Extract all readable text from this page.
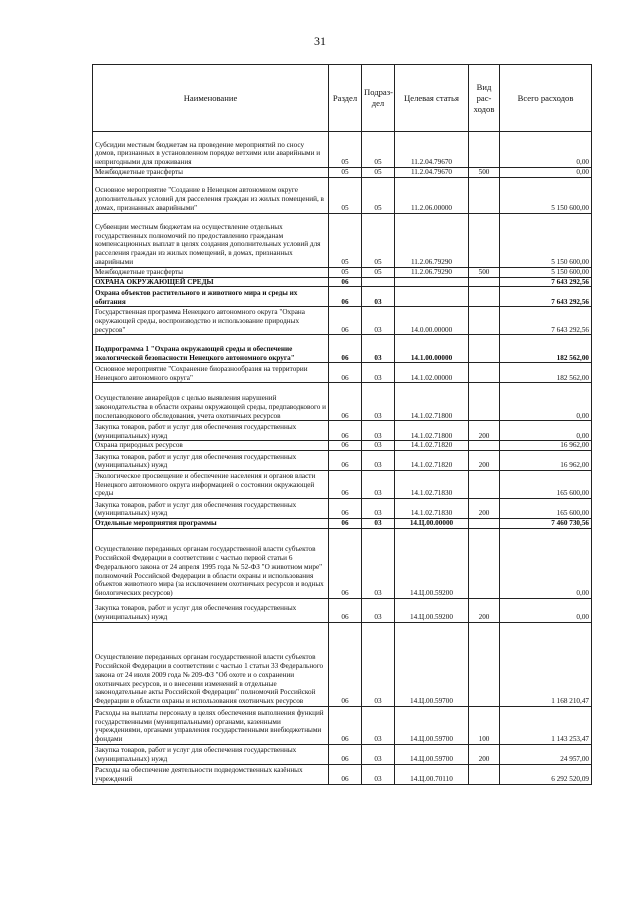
31
Наименование	Раздел	Подраз-дел	Целевая статья	Вид рас-ходов	Всего расходов
Субсидии местным бюджетам на проведение мероприятий по сносу домов, признанных в установленном порядке ветхими или аварийными и непригодными для проживания	05	05	11.2.04.79670		0,00
Межбюджетные трансферты	05	05	11.2.04.79670	500	0,00
Основное мероприятие "Создание в Ненецком автономном округе дополнительных условий для расселения граждан из жилых помещений, в домах, признанных аварийными"	05	05	11.2.06.00000		5 150 600,00
Субвенции местным бюджетам на осуществление отдельных государственных полномочий по предоставлению гражданам компенсационных выплат в целях создания дополнительных условий для расселения граждан из жилых помещений, в домах, признанных аварийными	05	05	11.2.06.79290		5 150 600,00
Межбюджетные трансферты	05	05	11.2.06.79290	500	5 150 600,00
ОХРАНА ОКРУЖАЮЩЕЙ СРЕДЫ	06				7 643 292,56
Охрана объектов растительного и животного мира и среды их обитания	06	03			7 643 292,56
Государственная программа Ненецкого автономного округа "Охрана окружающей среды, воспроизводство и использование природных ресурсов"	06	03	14.0.00.00000		7 643 292,56
Подпрограмма 1 "Охрана окружающей среды и обеспечение экологической безопасности Ненецкого автономного округа"	06	03	14.1.00.00000		182 562,00
Основное мероприятие "Сохранение биоразнообразия на территории Ненецкого автономного округа"	06	03	14.1.02.00000		182 562,00
Осуществление авиарейдов с целью выявления нарушений законодательства в области охраны окружающей среды, предпаводкового и послепаводкового обследования, учета охотничьих ресурсов	06	03	14.1.02.71800		0,00
Закупка товаров, работ и услуг для обеспечения государственных (муниципальных) нужд	06	03	14.1.02.71800	200	0,00
Охрана природных ресурсов	06	03	14.1.02.71820		16 962,00
Закупка товаров, работ и услуг для обеспечения государственных (муниципальных) нужд	06	03	14.1.02.71820	200	16 962,00
Экологическое просвещение и обеспечение населения и органов власти Ненецкого автономного округа информацией о состоянии окружающей среды	06	03	14.1.02.71830		165 600,00
Закупка товаров, работ и услуг для обеспечения государственных (муниципальных) нужд	06	03	14.1.02.71830	200	165 600,00
Отдельные мероприятия программы	06	03	14.Ц.00.00000		7 460 730,56
Осуществление переданных органам государственной власти субъектов Российской Федерации в соответствии с частью первой статьи 6 Федерального закона от 24 апреля 1995 года № 52-ФЗ "О животном мире" полномочий Российской Федерации в области охраны и использования объектов животного мира (за исключением охотничьих ресурсов и водных биологических ресурсов)	06	03	14.Ц.00.59200		0,00
Закупка товаров, работ и услуг для обеспечения государственных (муниципальных) нужд	06	03	14.Ц.00.59200	200	0,00
Осуществление переданных органам государственной власти субъектов Российской Федерации в соответствии с частью 1 статьи 33 Федерального закона от 24 июля 2009 года № 209-ФЗ "Об охоте и о сохранении охотничьих ресурсов, и о внесении изменений в отдельные законодательные акты Российской Федерации" полномочий Российской Федерации в области охраны и использования охотничьих ресурсов	06	03	14.Ц.00.59700		1 168 210,47
Расходы на выплаты персоналу в целях обеспечения выполнения функций государственными (муниципальными) органами, казенными учреждениями, органами управления государственными внебюджетными фондами	06	03	14.Ц.00.59700	100	1 143 253,47
Закупка товаров, работ и услуг для обеспечения государственных (муниципальных) нужд	06	03	14.Ц.00.59700	200	24 957,00
Расходы на обеспечение деятельности подведомственных казённых учреждений	06	03	14.Ц.00.70110		6 292 520,09
